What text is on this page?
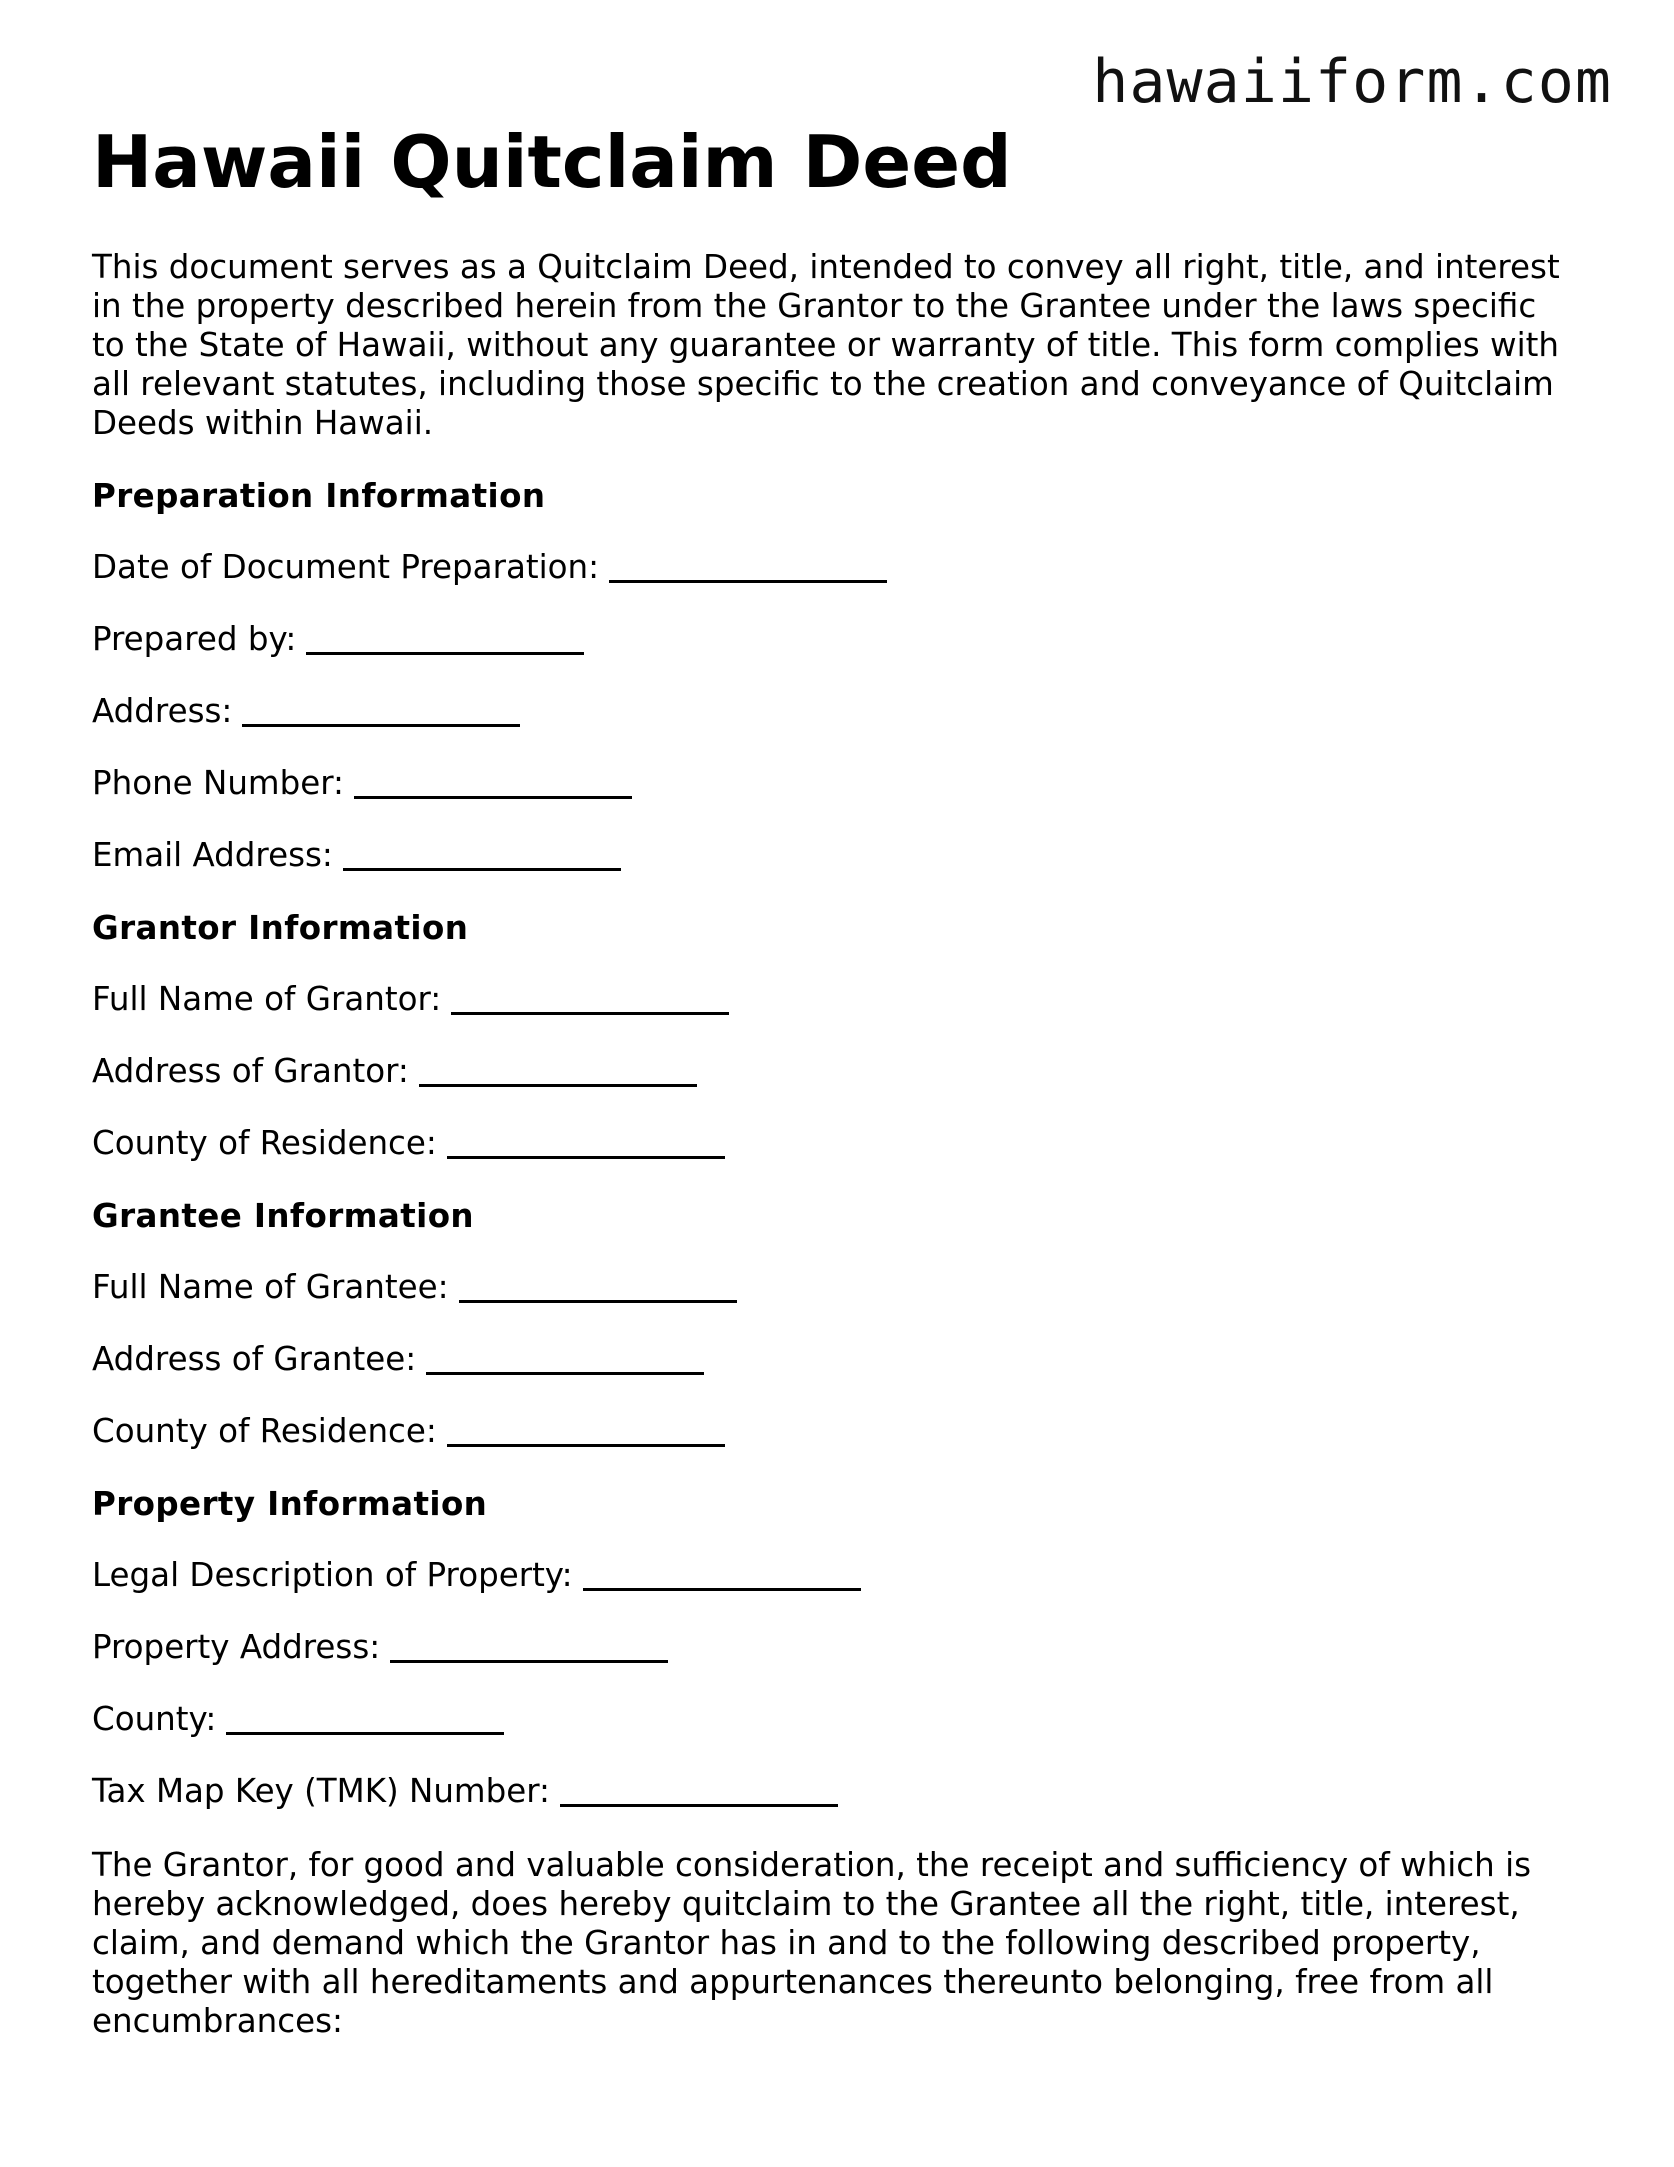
hawaiiform.com
Hawaii Quitclaim Deed

This document serves as a Quitclaim Deed, intended to convey all right, title, and interest in the property described herein from the Grantor to the Grantee under the laws specific to the State of Hawaii, without any guarantee or warranty of title. This form complies with all relevant statutes, including those specific to the creation and conveyance of Quitclaim Deeds within Hawaii.

Preparation Information
Date of Document Preparation:
Prepared by:
Address:
Phone Number:
Email Address:
Grantor Information
Full Name of Grantor:
Address of Grantor:
County of Residence:
Grantee Information
Full Name of Grantee:
Address of Grantee:
County of Residence:
Property Information
Legal Description of Property:
Property Address:
County:
Tax Map Key (TMK) Number:

The Grantor, for good and valuable consideration, the receipt and sufficiency of which is hereby acknowledged, does hereby quitclaim to the Grantee all the right, title, interest, claim, and demand which the Grantor has in and to the following described property, together with all hereditaments and appurtenances thereunto belonging, free from all encumbrances:
